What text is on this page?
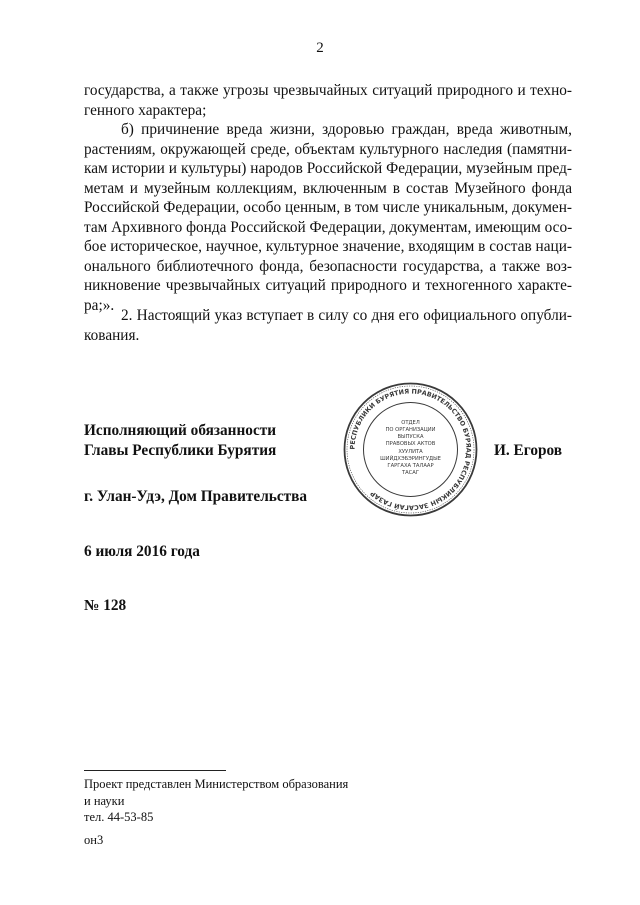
2
государства, а также угрозы чрезвычайных ситуаций природного и техно-
генного характера;
б) причинение вреда жизни, здоровью граждан, вреда животным,
растениям, окружающей среде, объектам культурного наследия (памятни-
кам истории и культуры) народов Российской Федерации, музейным пред-
метам и музейным коллекциям, включенным в состав Музейного фонда
Российской Федерации, особо ценным, в том числе уникальным, докумен-
там Архивного фонда Российской Федерации, документам, имеющим осо-
бое историческое, научное, культурное значение, входящим в состав наци-
онального библиотечного фонда, безопасности государства, а также воз-
никновение чрезвычайных ситуаций природного и техногенного характе-
ра;».
2. Настоящий указ вступает в силу со дня его официального опубли-
кования.
Исполняющий обязанности
Главы Республики Бурятия	И. Егоров
РЕСПУБЛИКИ БУРЯТИЯ ПРАВИТЕЛЬСТВО БУРЯАД РЕСПУБЛИКЫН ЗАСАГАЙ ГАЗАР
ОТДЕЛ
ПО ОРГАНИЗАЦИИ
ВЫПУСКА
ПРАВОВЫХ АКТОВ
ХУУЛИТА
ШИЙДХЭБЭРИНГУДЫЕ
ГАРГАХА ТАЛААР
ТАСАГ
г. Улан-Удэ, Дом Правительства
6 июля 2016 года
№ 128
Проект представлен Министерством образования
и науки
тел. 44-53-85
он3
